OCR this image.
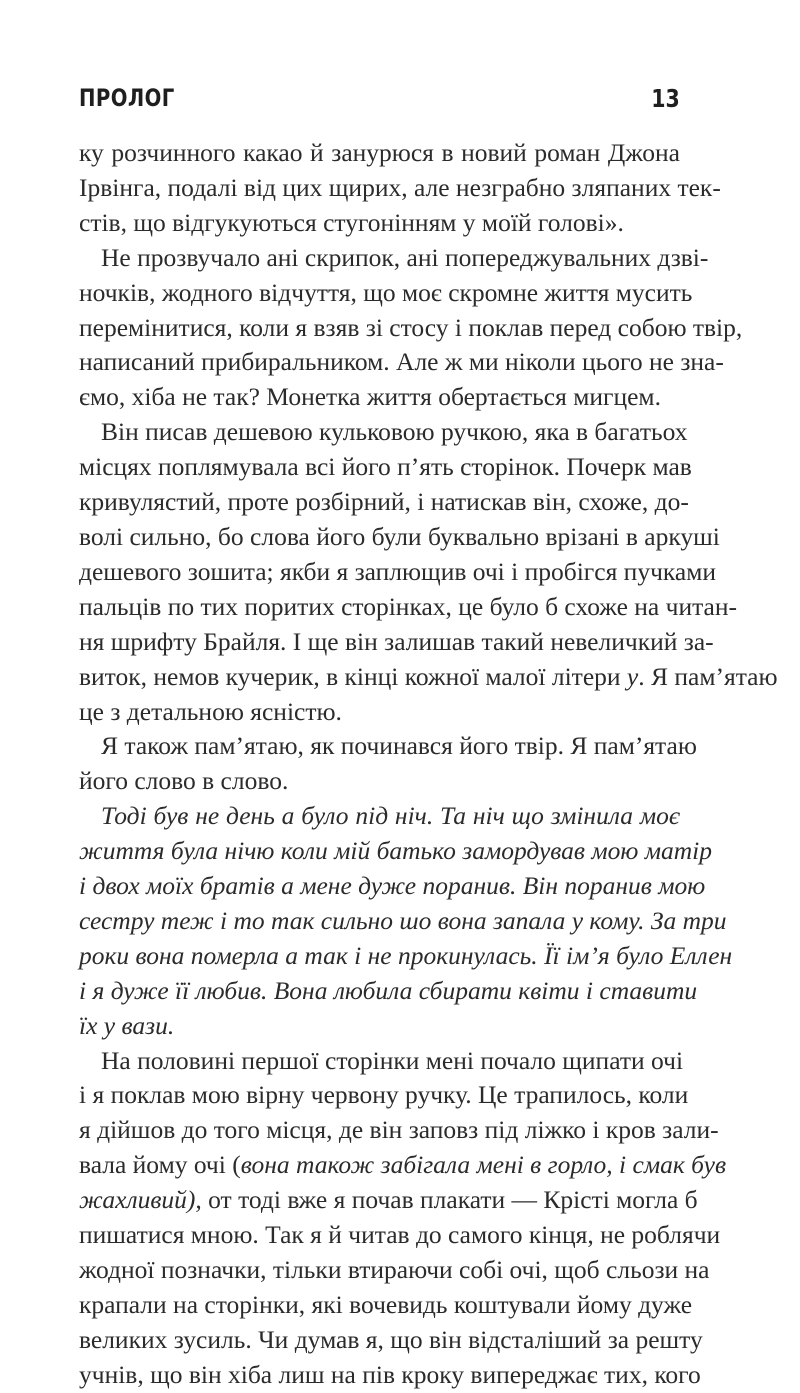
ПРОЛОГ	13
ку розчинного какао й занурюся в новий роман Джона
Ірвінга, подалі від цих щирих, але незграбно зляпаних тек-
стів, що відгукуються стугонінням у моїй голові».
Не прозвучало ані скрипок, ані попереджувальних дзві-
ночків, жодного відчуття, що моє скромне життя мусить
перемінитися, коли я взяв зі стосу і поклав перед собою твір,
написаний прибиральником. Але ж ми ніколи цього не зна-
ємо, хіба не так? Монетка життя обертається мигцем.
Він писав дешевою кульковою ручкою, яка в багатьох
місцях поплямувала всі його п’ять сторінок. Почерк мав
кривулястий, проте розбірний, і натискав він, схоже, до-
волі сильно, бо слова його були буквально врізані в аркуші
дешевого зошита; якби я заплющив очі і пробігся пучками
пальців по тих поритих сторінках, це було б схоже на читан-
ня шрифту Брайля. І ще він залишав такий невеличкий за-
виток, немов кучерик, в кінці кожної малої літери у. Я пам’ятаю
це з детальною ясністю.
Я також пам’ятаю, як починався його твір. Я пам’ятаю
його слово в слово.
Тоді був не день а було під ніч. Та ніч що змінила моє
життя була нічю коли мій батько замордував мою матір
і двох моїх братів а мене дуже поранив. Він поранив мою
сестру теж і то так сильно шо вона запала у кому. За три
роки вона померла а так і не прокинулась. Її ім’я було Еллен
і я дуже її любив. Вона любила сбирати квіти і ставити
їх у вази.
На половині першої сторінки мені почало щипати очі
і я поклав мою вірну червону ручку. Це трапилось, коли
я дійшов до того місця, де він заповз під ліжко і кров зали-
вала йому очі (вона також забігала мені в горло, і смак був
жахливий), от тоді вже я почав плакати — Крісті могла б
пишатися мною. Так я й читав до самого кінця, не роблячи
жодної позначки, тільки втираючи собі очі, щоб сльози на
крапали на сторінки, які вочевидь коштували йому дуже
великих зусиль. Чи думав я, що він відсталіший за решту
учнів, що він хіба лиш на пів кроку випереджає тих, кого
